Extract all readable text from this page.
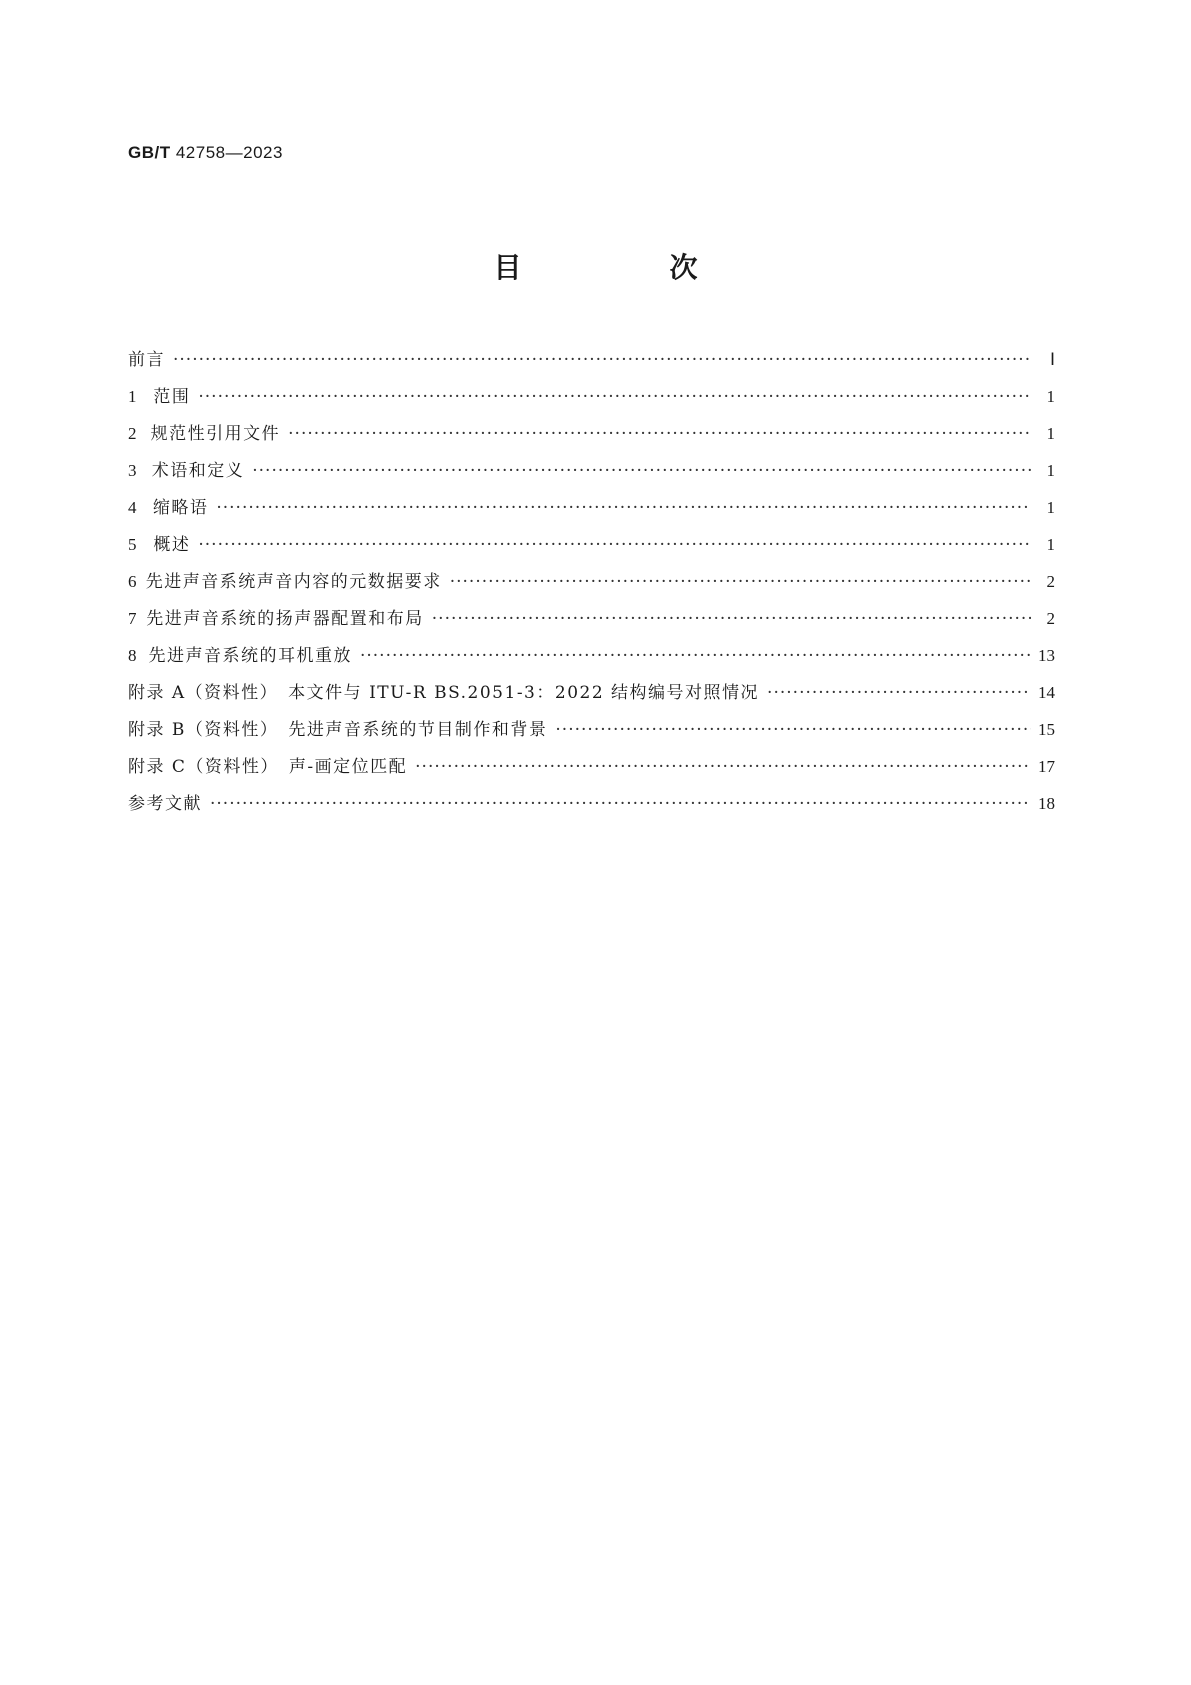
GB/T 42758—2023
目　次
前言 ·····	Ⅰ
1 范围 ·····	1
2 规范性引用文件 ·····	1
3 术语和定义 ·····	1
4 缩略语 ·····	1
5 概述 ·····	1
6 先进声音系统声音内容的元数据要求 ·····	2
7 先进声音系统的扬声器配置和布局 ·····	2
8 先进声音系统的耳机重放 ·····	13
附录 A（资料性）　本文件与 ITU-R BS.2051-3：2022 结构编号对照情况 ·····	14
附录 B（资料性）　先进声音系统的节目制作和背景 ·····	15
附录 C（资料性）　声-画定位匹配 ·····	17
参考文献 ·····	18
